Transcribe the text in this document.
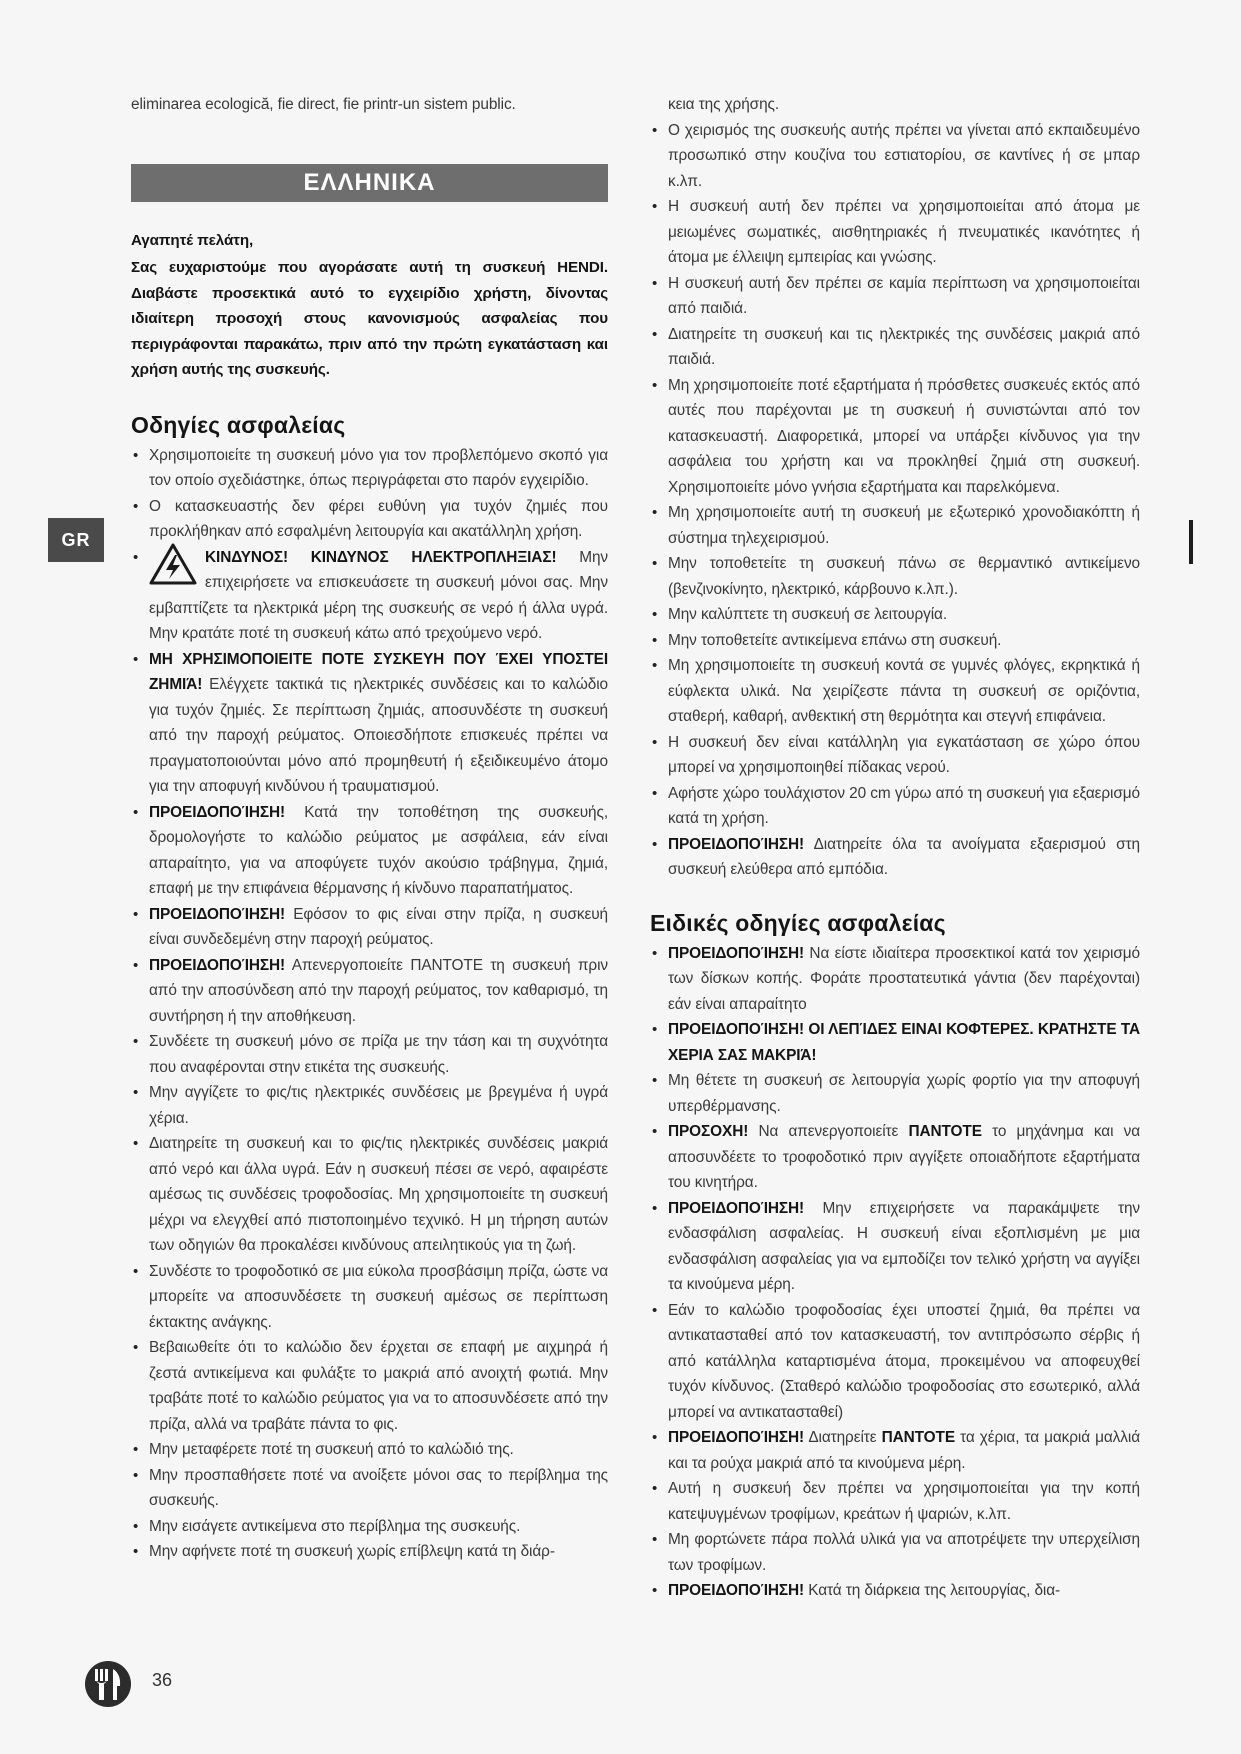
eliminarea ecologică, fie direct, fie printr-un sistem public.

ΕΛΛΗΝΙΚΑ
Αγαπητέ πελάτη,

Σας ευχαριστούμε που αγοράσατε αυτή τη συσκευή HENDI. Διαβάστε προσεκτικά αυτό το εγχειρίδιο χρήστη, δίνοντας ιδιαίτερη προσοχή στους κανονισμούς ασφαλείας που περιγράφονται παρακάτω, πριν από την πρώτη εγκατάσταση και χρήση αυτής της συσκευής.

Οδηγίες ασφαλείας
• Χρησιμοποιείτε τη συσκευή μόνο για τον προβλεπόμενο σκοπό για τον οποίο σχεδιάστηκε, όπως περιγράφεται στο παρόν εγχειρίδιο.
• Ο κατασκευαστής δεν φέρει ευθύνη για τυχόν ζημιές που προκλήθηκαν από εσφαλμένη λειτουργία και ακατάλληλη χρήση.
• ΚΙΝΔΥΝΟΣ! ΚΙΝΔΥΝΟΣ ΗΛΕΚΤΡΟΠΛΗΞΙΑΣ! Μην επιχειρήσετε να επισκευάσετε τη συσκευή μόνοι σας. Μην εμβαπτίζετε τα ηλεκτρικά μέρη της συσκευής σε νερό ή άλλα υγρά. Μην κρατάτε ποτέ τη συσκευή κάτω από τρεχούμενο νερό.
• ΜΗ ΧΡΗΣΙΜΟΠΟΙΕΙΤΕ ΠΟΤΕ ΣΥΣΚΕΥΗ ΠΟΥ ΈΧΕΙ ΥΠΟΣΤΕΙ ΖΗΜΙΆ! Ελέγχετε τακτικά τις ηλεκτρικές συνδέσεις και το καλώδιο για τυχόν ζημιές. Σε περίπτωση ζημιάς, αποσυνδέστε τη συσκευή από την παροχή ρεύματος. Οποιεσδήποτε επισκευές πρέπει να πραγματοποιούνται μόνο από προμηθευτή ή εξειδικευμένο άτομο για την αποφυγή κινδύνου ή τραυματισμού.
• ΠΡΟΕΙΔΟΠΟΊΗΣΗ! Κατά την τοποθέτηση της συσκευής, δρομολογήστε το καλώδιο ρεύματος με ασφάλεια, εάν είναι απαραίτητο, για να αποφύγετε τυχόν ακούσιο τράβηγμα, ζημιά, επαφή με την επιφάνεια θέρμανσης ή κίνδυνο παραπατήματος.
• ΠΡΟΕΙΔΟΠΟΊΗΣΗ! Εφόσον το φις είναι στην πρίζα, η συσκευή είναι συνδεδεμένη στην παροχή ρεύματος.
• ΠΡΟΕΙΔΟΠΟΊΗΣΗ! Απενεργοποιείτε ΠΑΝΤΟΤΕ τη συσκευή πριν από την αποσύνδεση από την παροχή ρεύματος, τον καθαρισμό, τη συντήρηση ή την αποθήκευση.
• Συνδέετε τη συσκευή μόνο σε πρίζα με την τάση και τη συχνότητα που αναφέρονται στην ετικέτα της συσκευής.
• Μην αγγίζετε το φις/τις ηλεκτρικές συνδέσεις με βρεγμένα ή υγρά χέρια.
• Διατηρείτε τη συσκευή και το φις/τις ηλεκτρικές συνδέσεις μακριά από νερό και άλλα υγρά. Εάν η συσκευή πέσει σε νερό, αφαιρέστε αμέσως τις συνδέσεις τροφοδοσίας. Μη χρησιμοποιείτε τη συσκευή μέχρι να ελεγχθεί από πιστοποιημένο τεχνικό. Η μη τήρηση αυτών των οδηγιών θα προκαλέσει κινδύνους απειλητικούς για τη ζωή.
• Συνδέστε το τροφοδοτικό σε μια εύκολα προσβάσιμη πρίζα, ώστε να μπορείτε να αποσυνδέσετε τη συσκευή αμέσως σε περίπτωση έκτακτης ανάγκης.
• Βεβαιωθείτε ότι το καλώδιο δεν έρχεται σε επαφή με αιχμηρά ή ζεστά αντικείμενα και φυλάξτε το μακριά από ανοιχτή φωτιά. Μην τραβάτε ποτέ το καλώδιο ρεύματος για να το αποσυνδέσετε από την πρίζα, αλλά να τραβάτε πάντα το φις.
• Μην μεταφέρετε ποτέ τη συσκευή από το καλώδιό της.
• Μην προσπαθήσετε ποτέ να ανοίξετε μόνοι σας το περίβλημα της συσκευής.
• Μην εισάγετε αντικείμενα στο περίβλημα της συσκευής.
• Μην αφήνετε ποτέ τη συσκευή χωρίς επίβλεψη κατά τη διάρ-

κεια της χρήσης.

• Ο χειρισμός της συσκευής αυτής πρέπει να γίνεται από εκπαιδευμένο προσωπικό στην κουζίνα του εστιατορίου, σε καντίνες ή σε μπαρ κ.λπ.
• Η συσκευή αυτή δεν πρέπει να χρησιμοποιείται από άτομα με μειωμένες σωματικές, αισθητηριακές ή πνευματικές ικανότητες ή άτομα με έλλειψη εμπειρίας και γνώσης.
• Η συσκευή αυτή δεν πρέπει σε καμία περίπτωση να χρησιμοποιείται από παιδιά.
• Διατηρείτε τη συσκευή και τις ηλεκτρικές της συνδέσεις μακριά από παιδιά.
• Μη χρησιμοποιείτε ποτέ εξαρτήματα ή πρόσθετες συσκευές εκτός από αυτές που παρέχονται με τη συσκευή ή συνιστώνται από τον κατασκευαστή. Διαφορετικά, μπορεί να υπάρξει κίνδυνος για την ασφάλεια του χρήστη και να προκληθεί ζημιά στη συσκευή. Χρησιμοποιείτε μόνο γνήσια εξαρτήματα και παρελκόμενα.
• Μη χρησιμοποιείτε αυτή τη συσκευή με εξωτερικό χρονοδιακόπτη ή σύστημα τηλεχειρισμού.
• Μην τοποθετείτε τη συσκευή πάνω σε θερμαντικό αντικείμενο (βενζινοκίνητο, ηλεκτρικό, κάρβουνο κ.λπ.).
• Μην καλύπτετε τη συσκευή σε λειτουργία.
• Μην τοποθετείτε αντικείμενα επάνω στη συσκευή.
• Μη χρησιμοποιείτε τη συσκευή κοντά σε γυμνές φλόγες, εκρηκτικά ή εύφλεκτα υλικά. Να χειρίζεστε πάντα τη συσκευή σε οριζόντια, σταθερή, καθαρή, ανθεκτική στη θερμότητα και στεγνή επιφάνεια.
• Η συσκευή δεν είναι κατάλληλη για εγκατάσταση σε χώρο όπου μπορεί να χρησιμοποιηθεί πίδακας νερού.
• Αφήστε χώρο τουλάχιστον 20 cm γύρω από τη συσκευή για εξαερισμό κατά τη χρήση.
• ΠΡΟΕΙΔΟΠΟΊΗΣΗ! Διατηρείτε όλα τα ανοίγματα εξαερισμού στη συσκευή ελεύθερα από εμπόδια.
Ειδικές οδηγίες ασφαλείας
• ΠΡΟΕΙΔΟΠΟΊΗΣΗ! Να είστε ιδιαίτερα προσεκτικοί κατά τον χειρισμό των δίσκων κοπής. Φοράτε προστατευτικά γάντια (δεν παρέχονται) εάν είναι απαραίτητο
• ΠΡΟΕΙΔΟΠΟΊΗΣΗ! ΟΙ ΛΕΠΊΔΕΣ ΕΙΝΑΙ ΚΟΦΤΕΡΕΣ. ΚΡΑΤΗΣΤΕ ΤΑ ΧΕΡΙΑ ΣΑΣ ΜΑΚΡΙΆ!
• Μη θέτετε τη συσκευή σε λειτουργία χωρίς φορτίο για την αποφυγή υπερθέρμανσης.
• ΠΡΟΣΟΧΗ! Να απενεργοποιείτε ΠΑΝΤΟΤΕ το μηχάνημα και να αποσυνδέετε το τροφοδοτικό πριν αγγίξετε οποιαδήποτε εξαρτήματα του κινητήρα.
• ΠΡΟΕΙΔΟΠΟΊΗΣΗ! Μην επιχειρήσετε να παρακάμψετε την ενδασφάλιση ασφαλείας. Η συσκευή είναι εξοπλισμένη με μια ενδασφάλιση ασφαλείας για να εμποδίζει τον τελικό χρήστη να αγγίξει τα κινούμενα μέρη.
• Εάν το καλώδιο τροφοδοσίας έχει υποστεί ζημιά, θα πρέπει να αντικατασταθεί από τον κατασκευαστή, τον αντιπρόσωπο σέρβις ή από κατάλληλα καταρτισμένα άτομα, προκειμένου να αποφευχθεί τυχόν κίνδυνος. (Σταθερό καλώδιο τροφοδοσίας στο εσωτερικό, αλλά μπορεί να αντικατασταθεί)
• ΠΡΟΕΙΔΟΠΟΊΗΣΗ! Διατηρείτε ΠΑΝΤΟΤΕ τα χέρια, τα μακριά μαλλιά και τα ρούχα μακριά από τα κινούμενα μέρη.
• Αυτή η συσκευή δεν πρέπει να χρησιμοποιείται για την κοπή κατεψυγμένων τροφίμων, κρεάτων ή ψαριών, κ.λπ.
• Μη φορτώνετε πάρα πολλά υλικά για να αποτρέψετε την υπερχείλιση των τροφίμων.
• ΠΡΟΕΙΔΟΠΟΊΗΣΗ! Κατά τη διάρκεια της λειτουργίας, δια-
GR
36
